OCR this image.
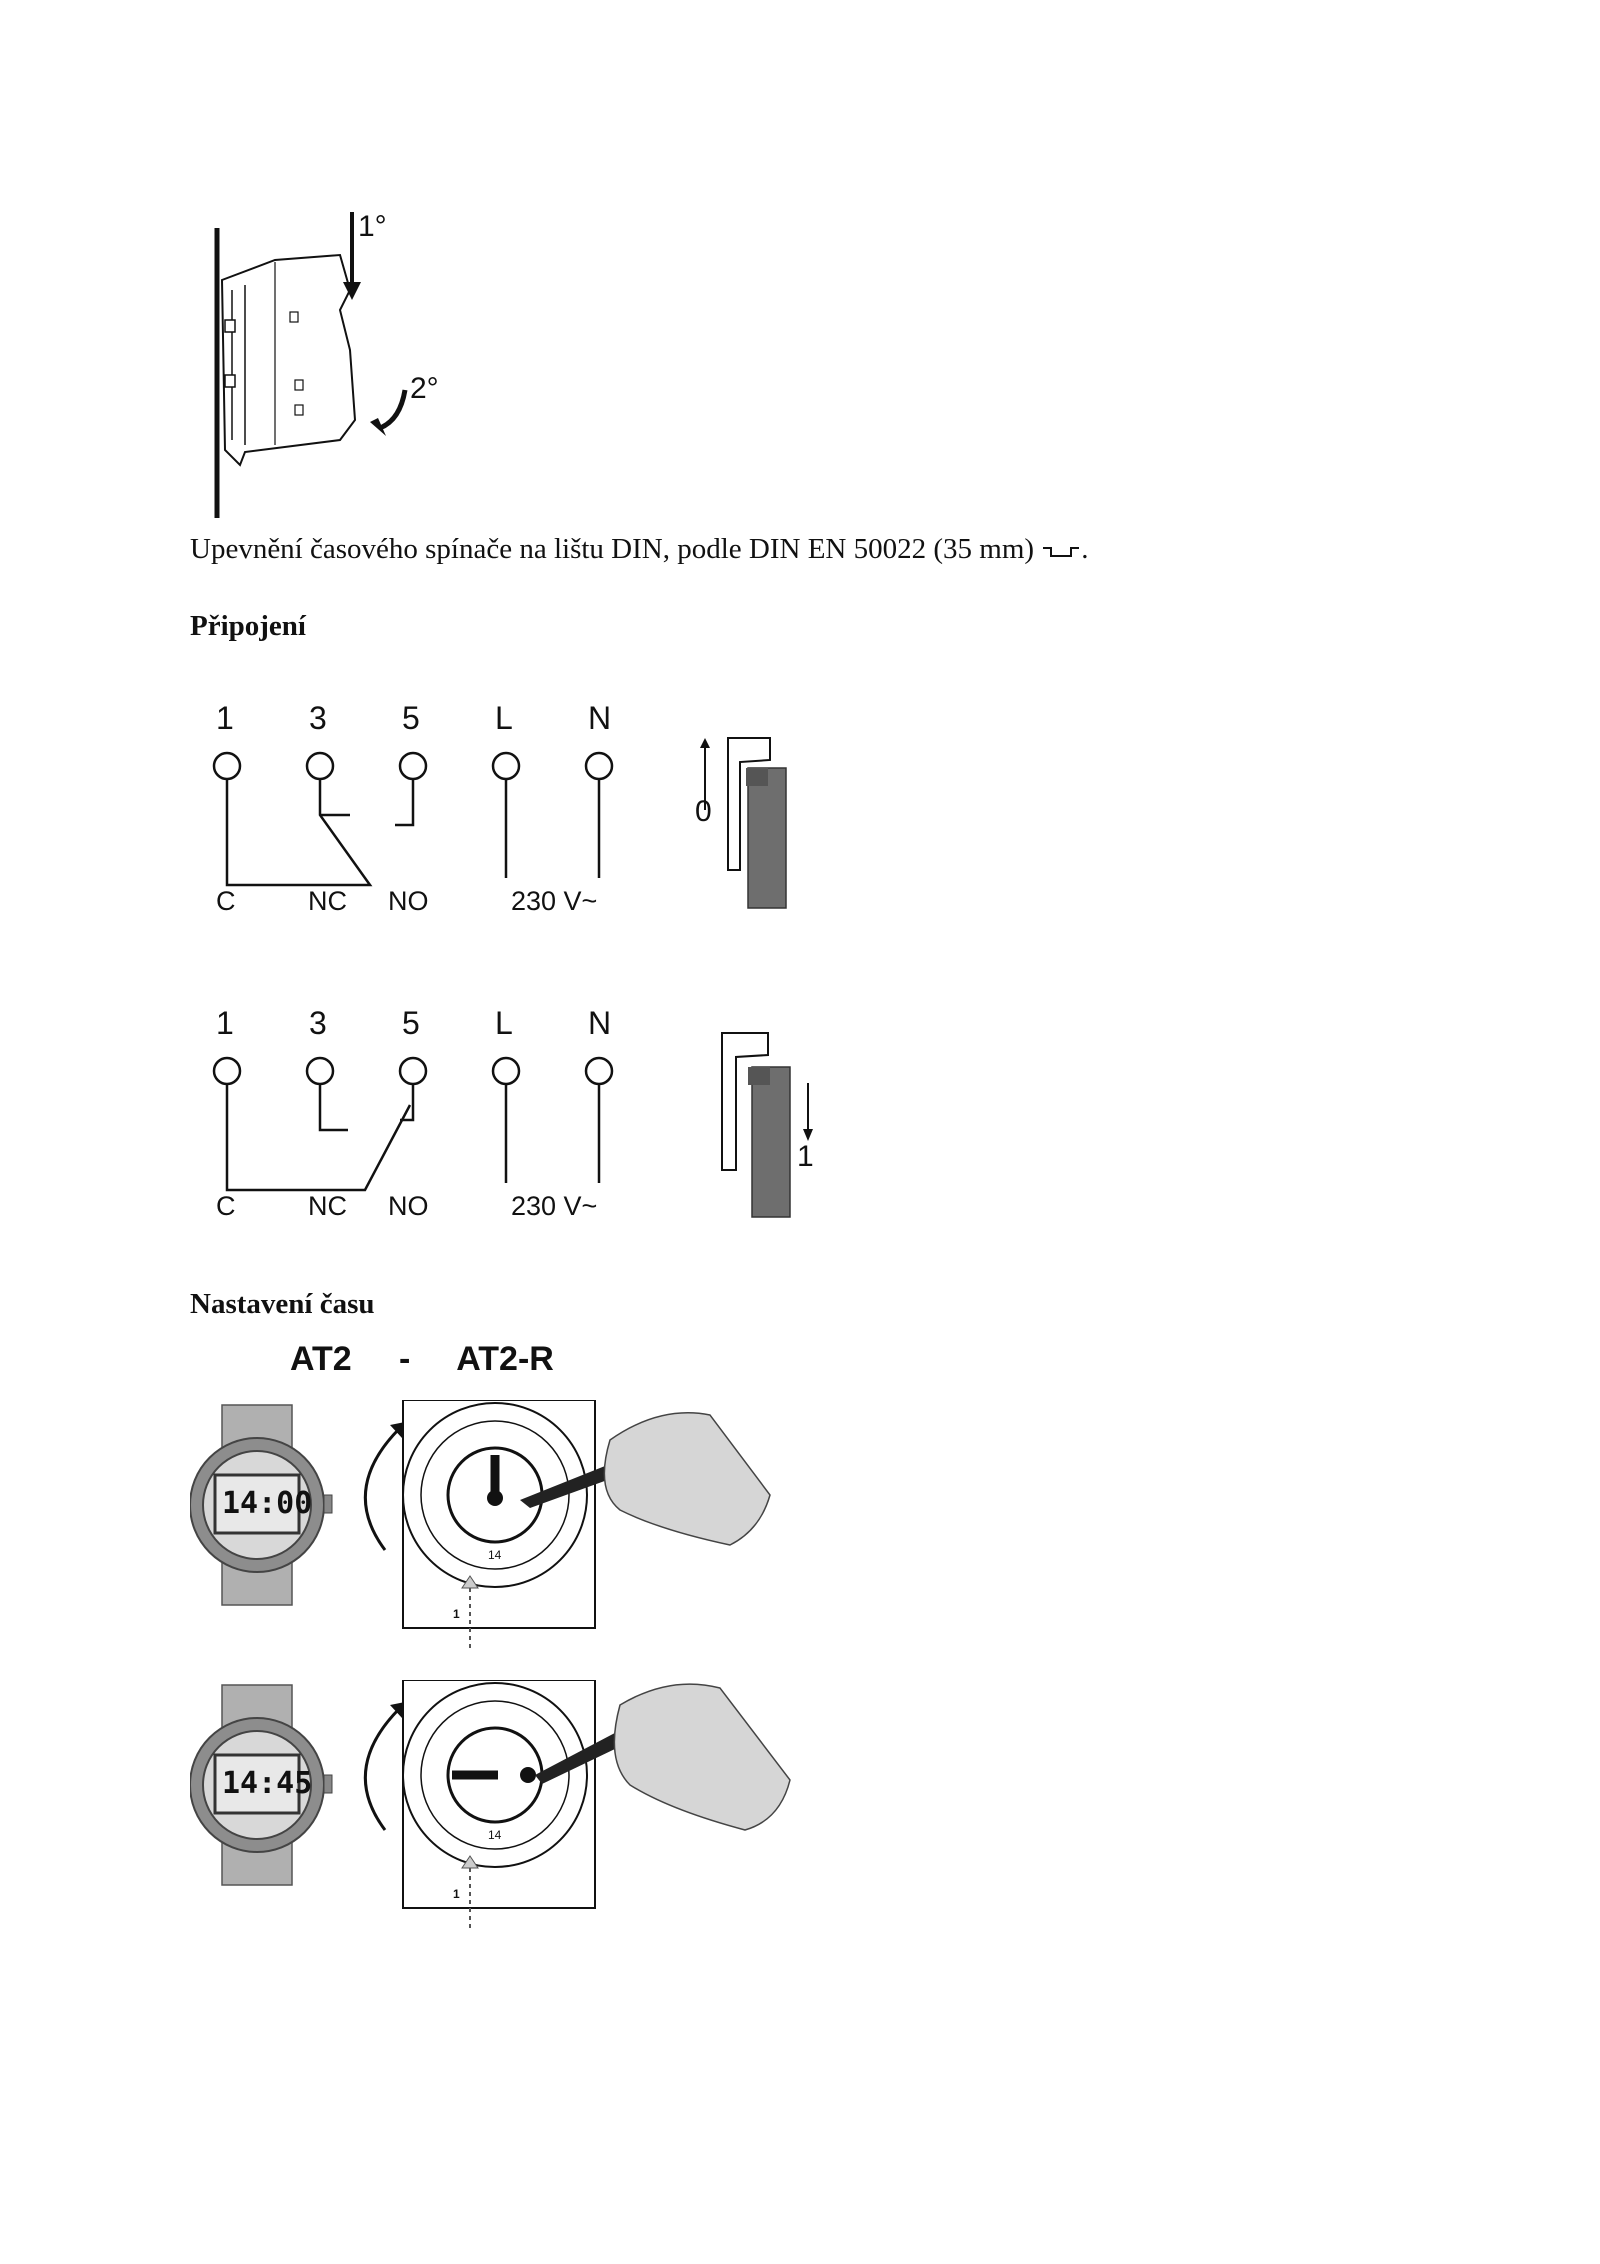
1°
2°
Upevnění časového spínače na lištu DIN, podle DIN EN 50022 (35 mm) .
Připojení
1 3 5 L N
C	NC NO	230 V~
0
1 3 5 L N
C	NC NO	230 V~
1
Nastavení času
AT2     -     AT2-R
14:00
14
1
14:45
14
1
